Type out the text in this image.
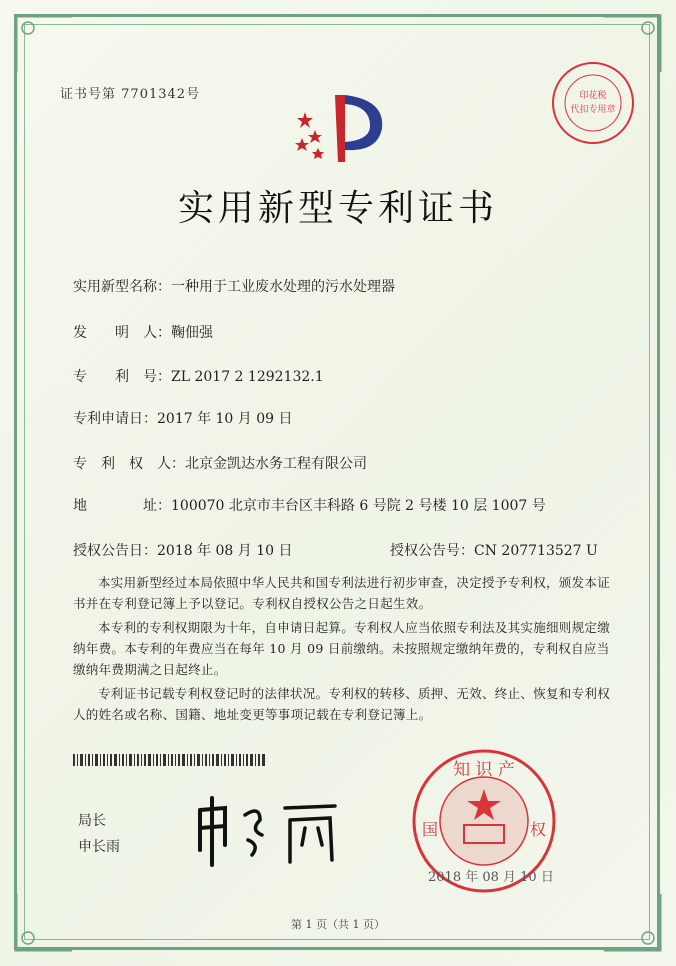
证书号第 7701342号	印花税
代扣专用章
实用新型专利证书
实用新型名称：一种用于工业废水处理的污水处理器
发　　明　人：鞠佃强
专　　利　号：ZL 2017 2 1292132.1
专利申请日：2017 年 10 月 09 日
专　利　权　人：北京金凯达水务工程有限公司
地　　　　址：100070 北京市丰台区丰科路 6 号院 2 号楼 10 层 1007 号
授权公告日：2018 年 08 月 10 日	授权公告号：CN 207713527 U
本实用新型经过本局依照中华人民共和国专利法进行初步审查，决定授予专利权，颁发本证书并在专利登记簿上予以登记。专利权自授权公告之日起生效。
本专利的专利权期限为十年，自申请日起算。专利权人应当依照专利法及其实施细则规定缴纳年费。本专利的年费应当在每年 10 月 09 日前缴纳。未按照规定缴纳年费的，专利权自应当缴纳年费期满之日起终止。
专利证书记载专利权登记时的法律状况。专利权的转移、质押、无效、终止、恢复和专利权人的姓名或名称、国籍、地址变更等事项记载在专利登记簿上。
局长
申长雨
知 识 产
国	权
2018 年 08 月 10 日
第 1 页（共 1 页）
